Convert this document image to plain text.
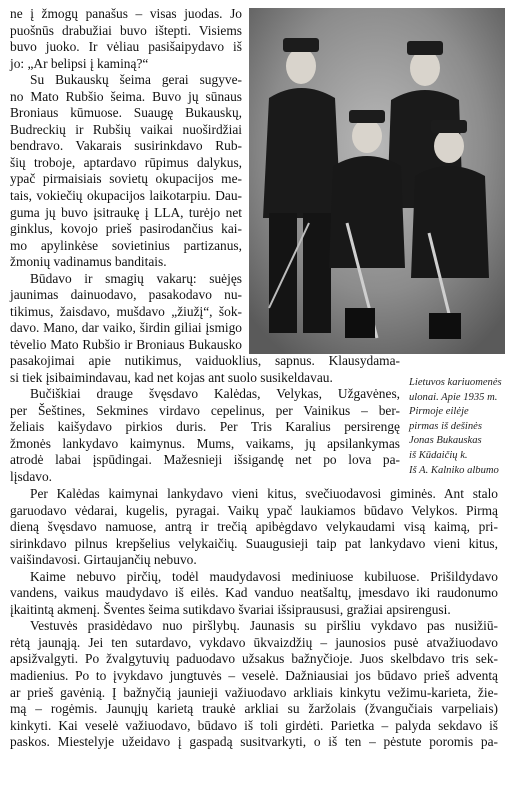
ne į žmogų panašus – visas juodas. Jo
puošnūs drabužiai buvo ištepti. Visiems
buvo juoko. Ir vėliau pasišaipydavo iš
jo: „Ar belipsi į kaminą?“
Su Bukauskų šeima gerai sugyve-
no Mato Rubšio šeima. Buvo jų sūnaus
Broniaus kūmuose. Suaugę Bukauskų,
Budreckių ir Rubšių vaikai nuoširdžiai
bendravo. Vakarais susirinkdavo Rub-
šių troboje, aptardavo rūpimus dalykus,
ypač pirmaisiais sovietų okupacijos me-
tais, vokiečių okupacijos laikotarpiu. Dau-
guma jų buvo įsitraukę į LLA, turėjo net
ginklus, kovojo prieš pasirodančius kai-
mo apylinkėse sovietinius partizanus,
žmonių vadinamus banditais.
Būdavo ir smagių vakarų: suėjęs
jaunimas dainuodavo, pasakodavo nu-
tikimus, žaisdavo, mušdavo „žiužį“, šok-
davo. Mano, dar vaiko, širdin giliai įsmigo
tėvelio Mato Rubšio ir Broniaus Bukausko
Lietuvos kariuomenės
ulonai. Apie 1935 m.
Pirmoje eilėje
pirmas iš dešinės
Jonas Bukauskas
iš Kūdaičių k.
Iš A. Kalniko albumo
pasakojimai apie nutikimus, vaiduoklius, sapnus. Klausydama-
si tiek įsibaimindavau, kad net kojas ant suolo susikeldavau.
Bučiškiai drauge švęsdavo Kalėdas, Velykas, Užgavėnes,
per Šeštines, Sekmines virdavo cepelinus, per Vainikus – ber-
želiais kaišydavo pirkios duris. Per Tris Karalius persirengę
žmonės lankydavo kaimynus. Mums, vaikams, jų apsilankymas
atrodė labai įspūdingai. Mažesnieji išsigandę net po lova pa-
lįsdavo.
Per Kalėdas kaimynai lankydavo vieni kitus, svečiuodavosi giminės. Ant stalo
garuodavo vėdarai, kugelis, pyragai. Vaikų ypač laukiamos būdavo Velykos. Pirmą
dieną švęsdavo namuose, antrą ir trečią apibėgdavo velykaudami visą kaimą, pri-
sirinkdavo pilnus krepšelius velykaičių. Suaugusieji taip pat lankydavo vieni kitus,
vaišindavosi. Girtaujančių nebuvo.
Kaime nebuvo pirčių, todėl maudydavosi mediniuose kubiluose. Prišildydavo
vandens, vaikus maudydavo iš eilės. Kad vanduo neatšaltų, įmesdavo iki raudonumo
įkaitintą akmenį. Šventes šeima sutikdavo švariai išsipraususi, gražiai apsirengusi.
Vestuvės prasidėdavo nuo piršlybų. Jaunasis su piršliu vykdavo pas nusižiū-
rėtą jaunąją. Jei ten sutardavo, vykdavo ūkvaizdžių – jaunosios pusė atvažiuodavo
apsižvalgyti. Po žvalgytuvių paduodavo užsakus bažnyčioje. Juos skelbdavo tris sek-
madienius. Po to įvykdavo jungtuvės – veselė. Dažniausiai jos būdavo prieš adventą
ar prieš gavėnią. Į bažnyčią jaunieji važiuodavo arkliais kinkytu vežimu-karieta, žie-
mą – rogėmis. Jaunųjų karietą traukė arkliai su žaržolais (žvangučiais varpeliais)
kinkyti. Kai veselė važiuodavo, būdavo iš toli girdėti. Parietka – palyda sekdavo iš
paskos. Miestelyje užeidavo į gaspadą susitvarkyti, o iš ten – pėstute poromis pa-
